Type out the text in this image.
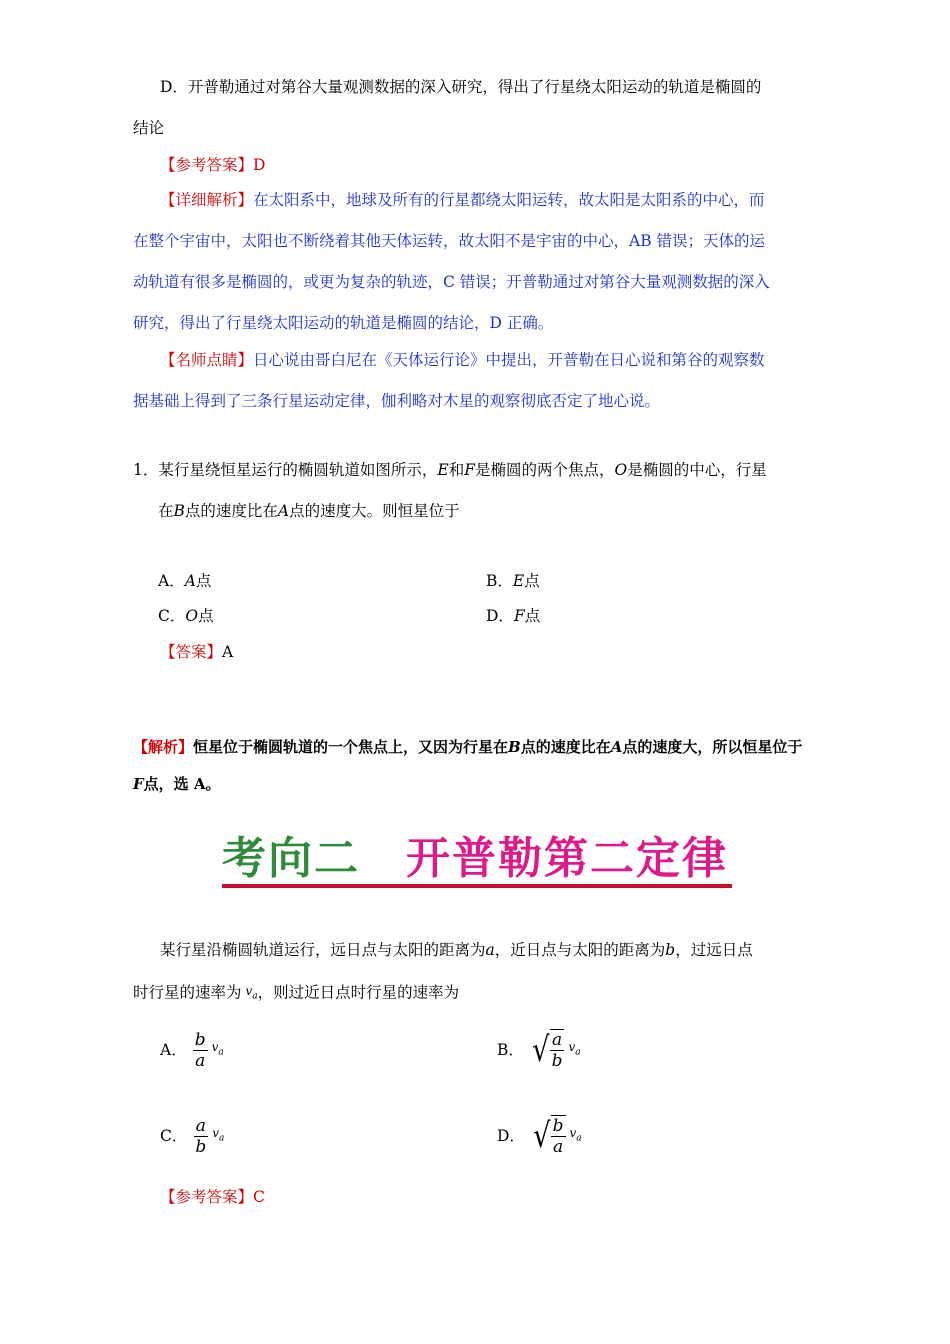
D．开普勒通过对第谷大量观测数据的深入研究，得出了行星绕太阳运动的轨道是椭圆的
结论
【参考答案】D
【详细解析】在太阳系中，地球及所有的行星都绕太阳运转，故太阳是太阳系的中心，而
在整个宇宙中，太阳也不断绕着其他天体运转，故太阳不是宇宙的中心，AB 错误；天体的运
动轨道有很多是椭圆的，或更为复杂的轨迹，C 错误；开普勒通过对第谷大量观测数据的深入
研究，得出了行星绕太阳运动的轨道是椭圆的结论，D 正确。
【名师点睛】日心说由哥白尼在《天体运行论》中提出，开普勒在日心说和第谷的观察数
据基础上得到了三条行星运动定律，伽利略对木星的观察彻底否定了地心说。
1．某行星绕恒星运行的椭圆轨道如图所示，E和F是椭圆的两个焦点，O是椭圆的中心，行星
在B点的速度比在A点的速度大。则恒星位于
A．A点	B．E点
C．O点	D．F点
【答案】A
【解析】恒星位于椭圆轨道的一个焦点上，又因为行星在B点的速度比在A点的速度大，所以恒星位于
F点，选 A。
考向二　开普勒第二定律
某行星沿椭圆轨道运行，远日点与太阳的距离为a，近日点与太阳的距离为b，过远日点
时行星的速率为 $v_a$，则过近日点时行星的速率为
A． $\frac{b}{a} v_a$	B． √ $\frac{a}{b} v_a$
C． $\frac{a}{b} v_a$	D． √ $\frac{b}{a} v_a$
【参考答案】C
